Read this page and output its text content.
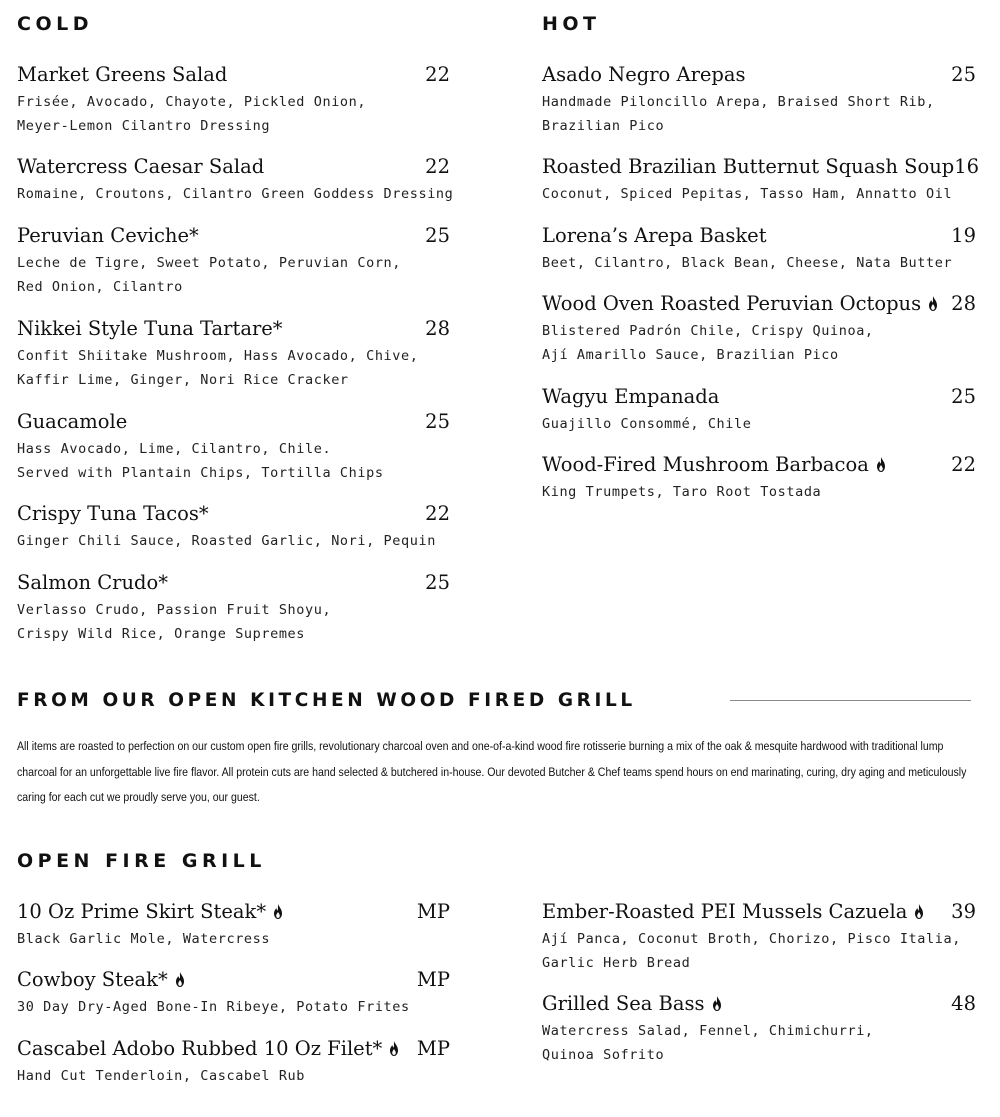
COLD	HOT
Market Greens Salad	22
Frisée, Avocado, Chayote, Pickled Onion,
Meyer-Lemon Cilantro Dressing
Watercress Caesar Salad	22
Romaine, Croutons, Cilantro Green Goddess Dressing
Peruvian Ceviche*	25
Leche de Tigre, Sweet Potato, Peruvian Corn,
Red Onion, Cilantro
Nikkei Style Tuna Tartare*	28
Confit Shiitake Mushroom, Hass Avocado, Chive,
Kaffir Lime, Ginger, Nori Rice Cracker
Guacamole	25
Hass Avocado, Lime, Cilantro, Chile.
Served with Plantain Chips, Tortilla Chips
Crispy Tuna Tacos*	22
Ginger Chili Sauce, Roasted Garlic, Nori, Pequin
Salmon Crudo*	25
Verlasso Crudo, Passion Fruit Shoyu,
Crispy Wild Rice, Orange Supremes
Asado Negro Arepas	25
Handmade Piloncillo Arepa, Braised Short Rib,
Brazilian Pico
Roasted Brazilian Butternut Squash Soup 16
Coconut, Spiced Pepitas, Tasso Ham, Annatto Oil
Lorena’s Arepa Basket	19
Beet, Cilantro, Black Bean, Cheese, Nata Butter
Wood Oven Roasted Peruvian Octopus	28
Blistered Padrón Chile, Crispy Quinoa,
Ají Amarillo Sauce, Brazilian Pico
Wagyu Empanada	25
Guajillo Consommé, Chile
Wood-Fired Mushroom Barbacoa	22
King Trumpets, Taro Root Tostada
FROM OUR OPEN KITCHEN WOOD FIRED GRILL
All items are roasted to perfection on our custom open fire grills, revolutionary charcoal oven and one-of-a-kind wood fire rotisserie burning a mix of the oak & mesquite hardwood with traditional lump charcoal for an unforgettable live fire flavor. All protein cuts are hand selected & butchered in-house. Our devoted Butcher & Chef teams spend hours on end marinating, curing, dry aging and meticulously caring for each cut we proudly serve you, our guest.
OPEN FIRE GRILL
10 Oz Prime Skirt Steak*	MP
Black Garlic Mole, Watercress
Cowboy Steak*	MP
30 Day Dry-Aged Bone-In Ribeye, Potato Frites
Cascabel Adobo Rubbed 10 Oz Filet*	MP
Hand Cut Tenderloin, Cascabel Rub
Ember-Roasted PEI Mussels Cazuela	39
Ají Panca, Coconut Broth, Chorizo, Pisco Italia,
Garlic Herb Bread
Grilled Sea Bass	48
Watercress Salad, Fennel, Chimichurri,
Quinoa Sofrito
